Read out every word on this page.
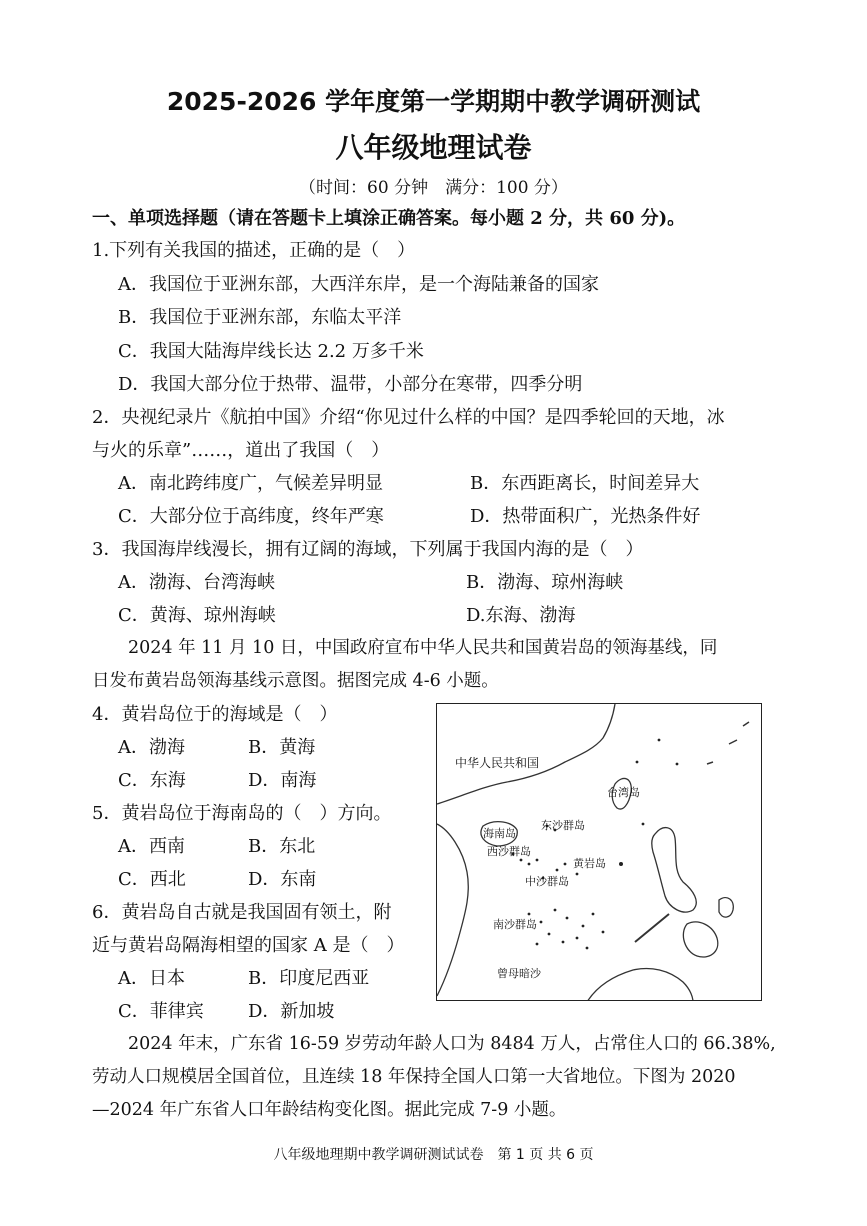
2025-2026 学年度第一学期期中教学调研测试
八年级地理试卷
（时间：60 分钟　满分：100 分）
一、单项选择题（请在答题卡上填涂正确答案。每小题 2 分，共 60 分)。
1.下列有关我国的描述，正确的是（　）
A．我国位于亚洲东部，大西洋东岸，是一个海陆兼备的国家
B．我国位于亚洲东部，东临太平洋
C．我国大陆海岸线长达 2.2 万多千米
D．我国大部分位于热带、温带，小部分在寒带，四季分明
2．央视纪录片《航拍中国》介绍“你见过什么样的中国？是四季轮回的天地，冰
与火的乐章”……，道出了我国（　）
A．南北跨纬度广，气候差异明显	B．东西距离长，时间差异大
C．大部分位于高纬度，终年严寒	D．热带面积广，光热条件好
3．我国海岸线漫长，拥有辽阔的海域，下列属于我国内海的是（　）
A．渤海、台湾海峡	B．渤海、琼州海峡
C．黄海、琼州海峡	D.东海、渤海
2024 年 11 月 10 日，中国政府宣布中华人民共和国黄岩岛的领海基线，同
日发布黄岩岛领海基线示意图。据图完成 4-6 小题。
4．黄岩岛位于的海域是（　）
A．渤海	B．黄海
C．东海	D．南海
5．黄岩岛位于海南岛的（　）方向。
A．西南	B．东北
C．西北	D．东南
6．黄岩岛自古就是我国固有领土，附
近与黄岩岛隔海相望的国家 A 是（　）
A．日本	B．印度尼西亚
C．菲律宾 D．新加坡
中华人民共和国
台湾岛
海南岛
东沙群岛
西沙群岛
黄岩岛
中沙群岛
南沙群岛
曾母暗沙
2024 年末，广东省 16-59 岁劳动年龄人口为 8484 万人，占常住人口的 66.38%,
劳动人口规模居全国首位，且连续 18 年保持全国人口第一大省地位。下图为 2020
—2024 年广东省人口年龄结构变化图。据此完成 7-9 小题。
八年级地理期中教学调研测试试卷　第 1 页 共 6 页
